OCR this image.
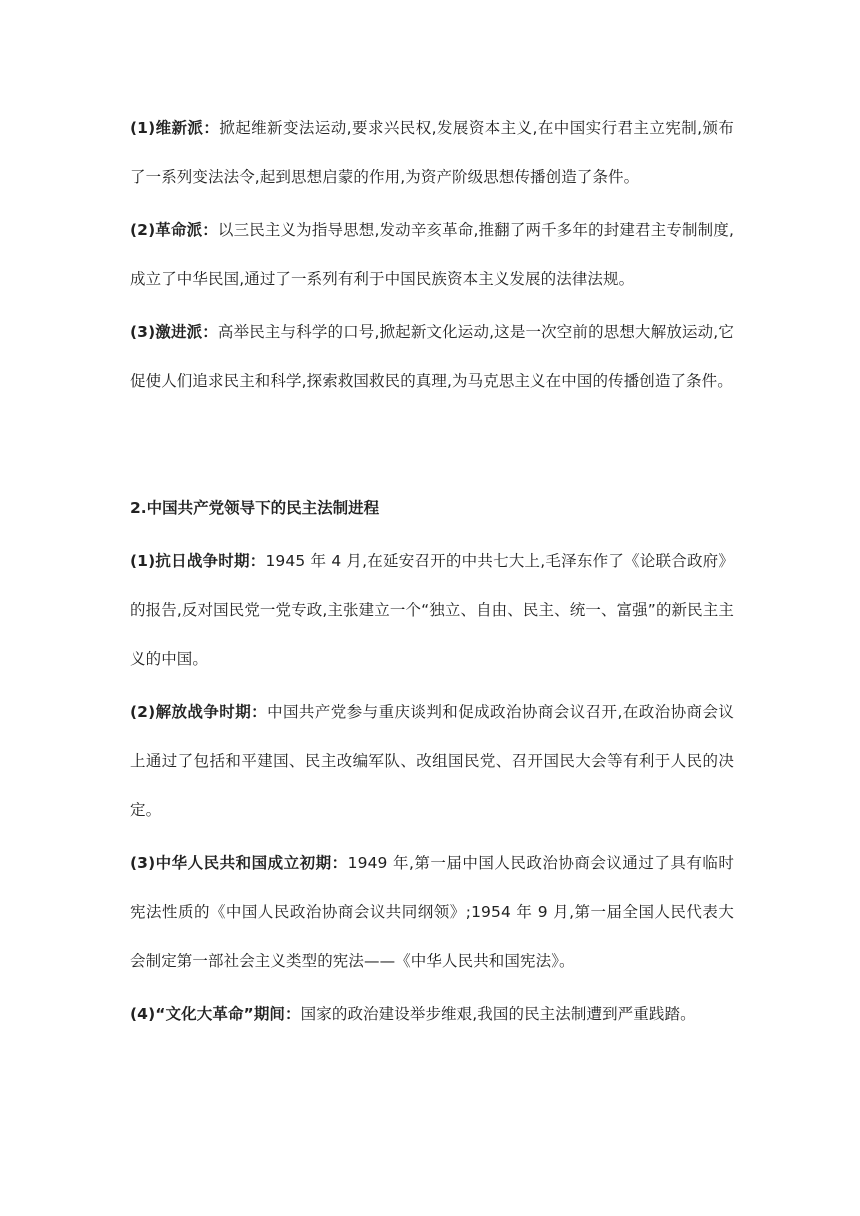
(1)维新派：掀起维新变法运动,要求兴民权,发展资本主义,在中国实行君主立宪制,颁布了一系列变法法令,起到思想启蒙的作用,为资产阶级思想传播创造了条件。

(2)革命派：以三民主义为指导思想,发动辛亥革命,推翻了两千多年的封建君主专制制度,成立了中华民国,通过了一系列有利于中国民族资本主义发展的法律法规。

(3)激进派：高举民主与科学的口号,掀起新文化运动,这是一次空前的思想大解放运动,它促使人们追求民主和科学,探索救国救民的真理,为马克思主义在中国的传播创造了条件。

2.中国共产党领导下的民主法制进程

(1)抗日战争时期：1945 年 4 月,在延安召开的中共七大上,毛泽东作了《论联合政府》的报告,反对国民党一党专政,主张建立一个“独立、自由、民主、统一、富强”的新民主主义的中国。

(2)解放战争时期：中国共产党参与重庆谈判和促成政治协商会议召开,在政治协商会议上通过了包括和平建国、民主改编军队、改组国民党、召开国民大会等有利于人民的决定。

(3)中华人民共和国成立初期：1949 年,第一届中国人民政治协商会议通过了具有临时宪法性质的《中国人民政治协商会议共同纲领》;1954 年 9 月,第一届全国人民代表大会制定第一部社会主义类型的宪法——《中华人民共和国宪法》。

(4)“文化大革命”期间：国家的政治建设举步维艰,我国的民主法制遭到严重践踏。
